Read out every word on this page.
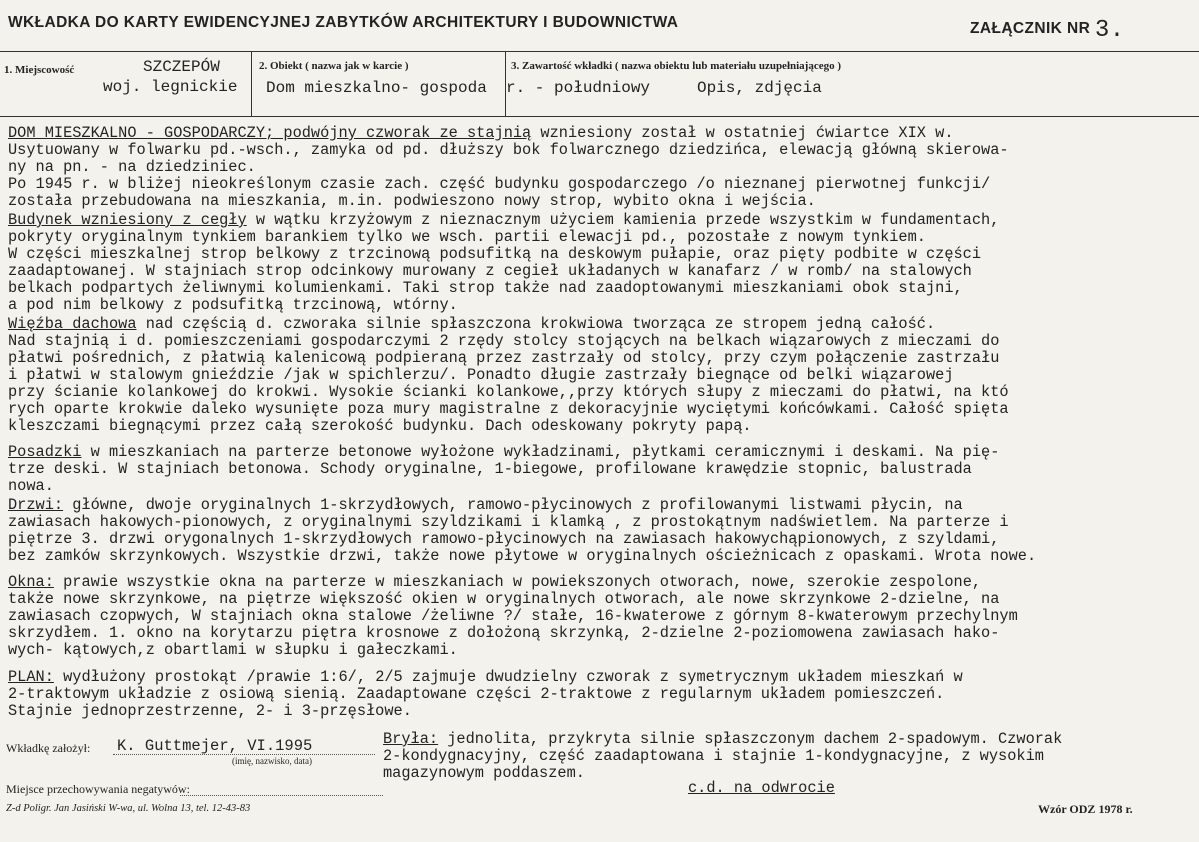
WKŁADKA DO KARTY EWIDENCYJNEJ ZABYTKÓW ARCHITEKTURY I BUDOWNICTWA	ZAŁĄCZNIK NR 3.
1. Miejscowość	SZCZEPÓW
woj. legnickie
2. Obiekt ( nazwa jak w karcie )
Dom mieszkalno- gospoda
3. Zawartość wkładki ( nazwa obiektu lub materiału uzupełniającego )
r. - południowy	Opis, zdjęcia
DOM MIESZKALNO - GOSPODARCZY; podwójny czworak ze stajnią wzniesiony został w ostatniej ćwiartce XIX w.
Usytuowany w folwarku pd.-wsch., zamyka od pd. dłuższy bok folwarcznego dziedzińca, elewacją główną skierowa-
ny na pn. - na dziedziniec.
Po 1945 r. w bliżej nieokreślonym czasie zach. część budynku gospodarczego /o nieznanej pierwotnej funkcji/
została przebudowana na mieszkania, m.in. podwieszono nowy strop, wybito okna i wejścia.
Budynek wzniesiony z cegły w wątku krzyżowym z nieznacznym użyciem kamienia przede wszystkim w fundamentach,
pokryty oryginalnym tynkiem barankiem tylko we wsch. partii elewacji pd., pozostałe z nowym tynkiem.
W części mieszkalnej strop belkowy z trzcinową podsufitką na deskowym pułapie, oraz pięty podbite w części
zaadaptowanej. W stajniach strop odcinkowy murowany z cegieł układanych w kanafarz / w romb/ na stalowych
belkach podpartych żeliwnymi kolumienkami. Taki strop także nad zaadoptowanymi mieszkaniami obok stajni,
a pod nim belkowy z podsufitką trzcinową, wtórny.
Więźba dachowa nad częścią d. czworaka silnie spłaszczona krokwiowa tworząca ze stropem jedną całość.
Nad stajnią i d. pomieszczeniami gospodarczymi 2 rzędy stolcy stojących na belkach wiązarowych z mieczami do
płatwi pośrednich, z płatwią kalenicową podpieraną przez zastrzały od stolcy, przy czym połączenie zastrzału
i płatwi w stalowym gnieździe /jak w spichlerzu/. Ponadto długie zastrzały biegnące od belki wiązarowej
przy ścianie kolankowej do krokwi. Wysokie ścianki kolankowe,,przy których słupy z mieczami do płatwi, na któ
rych oparte krokwie daleko wysunięte poza mury magistralne z dekoracyjnie wyciętymi końcówkami. Całość spięta
kleszczami biegnącymi przez całą szerokość budynku. Dach odeskowany pokryty papą.
Posadzki w mieszkaniach na parterze betonowe wyłożone wykładzinami, płytkami ceramicznymi i deskami. Na pię-
trze deski. W stajniach betonowa. Schody oryginalne, 1-biegowe, profilowane krawędzie stopnic, balustrada
nowa.
Drzwi: główne, dwoje oryginalnych 1-skrzydłowych, ramowo-płycinowych z profilowanymi listwami płycin, na
zawiasach hakowych-pionowych, z oryginalnymi szyldzikami i klamką , z prostokątnym nadświetlem. Na parterze i
piętrze 3. drzwi orygonalnych 1-skrzydłowych ramowo-płycinowych na zawiasach hakowychąpionowych, z szyldami,
bez zamków skrzynkowych. Wszystkie drzwi, także nowe płytowe w oryginalnych ościeżnicach z opaskami. Wrota nowe.
Okna: prawie wszystkie okna na parterze w mieszkaniach w powiekszonych otworach, nowe, szerokie zespolone,
także nowe skrzynkowe, na piętrze większość okien w oryginalnych otworach, ale nowe skrzynkowe 2-dzielne, na
zawiasach czopwych, W stajniach okna stalowe /żeliwne ?/ stałe, 16-kwaterowe z górnym 8-kwaterowym przechylnym
skrzydłem. 1. okno na korytarzu piętra krosnowe z dołożoną skrzynką, 2-dzielne 2-poziomowena zawiasach hako-
wych- kątowych,z obartlami w słupku i gałeczkami.
PLAN: wydłużony prostokąt /prawie 1:6/, 2/5 zajmuje dwudzielny czworak z symetrycznym układem mieszkań w
2-traktowym układzie z osiową sienią. Zaadaptowane części 2-traktowe z regularnym układem pomieszczeń.
Stajnie jednoprzestrzenne, 2- i 3-przęsłowe.
Wkładkę założył: K. Guttmejer, VI.1995
(imię, nazwisko, data)
Bryła: jednolita, przykryta silnie spłaszczonym dachem 2-spadowym. Czworak
2-kondygnacyjny, część zaadaptowana i stajnie 1-kondygnacyjne, z wysokim
magazynowym poddaszem.
Miejsce przechowywania negatywów:	c.d. na odwrocie
Z-d Poligr. Jan Jasiński W-wa, ul. Wolna 13, tel. 12-43-83	Wzór ODZ 1978 r.
